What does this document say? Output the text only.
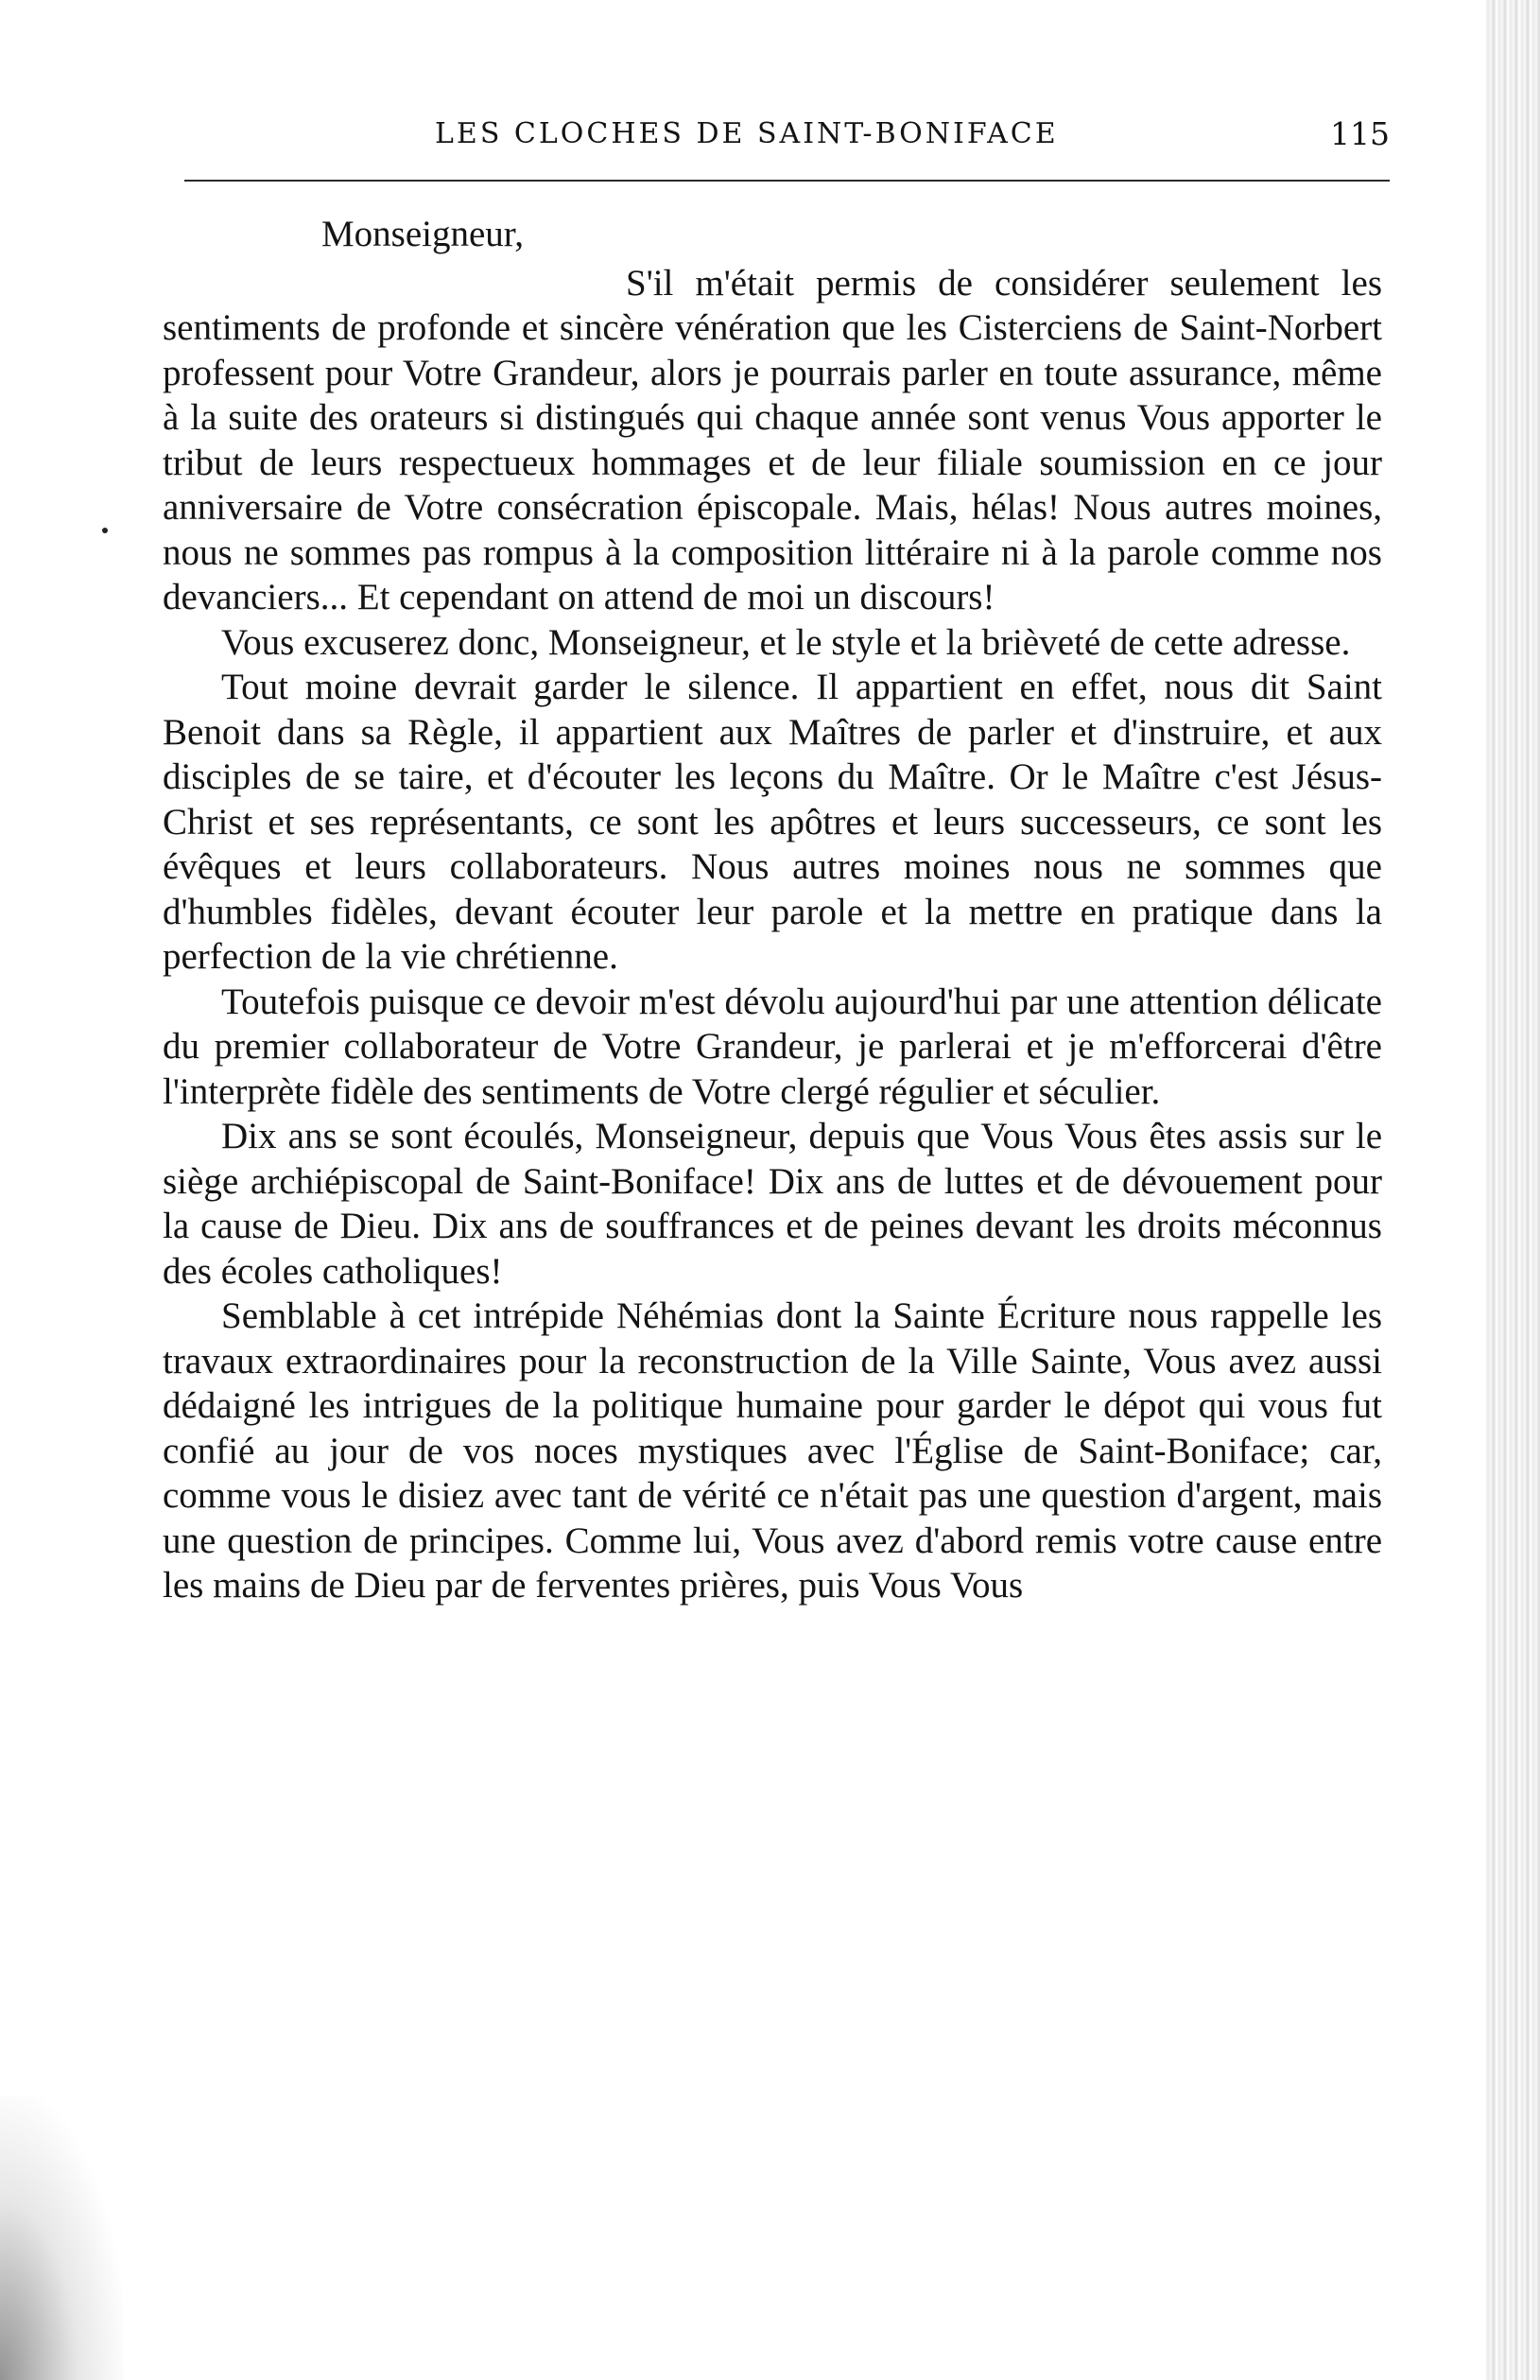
LES CLOCHES DE SAINT-BONIFACE	115

Monseigneur,

S'il m'était permis de considérer seulement les sentiments de profonde et sincère vénération que les Cisterciens de Saint-Norbert professent pour Votre Grandeur, alors je pourrais parler en toute assurance, même à la suite des orateurs si distingués qui chaque année sont venus Vous apporter le tribut de leurs respectueux hommages et de leur filiale soumission en ce jour anniversaire de Votre consécration épiscopale. Mais, hélas! Nous autres moines, nous ne sommes pas rompus à la composition littéraire ni à la parole comme nos devanciers... Et cependant on attend de moi un discours!

Vous excuserez donc, Monseigneur, et le style et la brièveté de cette adresse.

Tout moine devrait garder le silence. Il appartient en effet, nous dit Saint Benoit dans sa Règle, il appartient aux Maîtres de parler et d'instruire, et aux disciples de se taire, et d'écouter les leçons du Maître. Or le Maître c'est Jésus-Christ et ses représentants, ce sont les apôtres et leurs successeurs, ce sont les évêques et leurs collaborateurs. Nous autres moines nous ne sommes que d'humbles fidèles, devant écouter leur parole et la mettre en pratique dans la perfection de la vie chrétienne.

Toutefois puisque ce devoir m'est dévolu aujourd'hui par une attention délicate du premier collaborateur de Votre Grandeur, je parlerai et je m'efforcerai d'être l'interprète fidèle des sentiments de Votre clergé régulier et séculier.

Dix ans se sont écoulés, Monseigneur, depuis que Vous Vous êtes assis sur le siège archiépiscopal de Saint-Boniface! Dix ans de luttes et de dévouement pour la cause de Dieu. Dix ans de souffrances et de peines devant les droits méconnus des écoles catholiques!

Semblable à cet intrépide Néhémias dont la Sainte Écriture nous rappelle les travaux extraordinaires pour la reconstruction de la Ville Sainte, Vous avez aussi dédaigné les intrigues de la politique humaine pour garder le dépot qui vous fut confié au jour de vos noces mystiques avec l'Église de Saint-Boniface; car, comme vous le disiez avec tant de vérité ce n'était pas une question d'argent, mais une question de principes. Comme lui, Vous avez d'abord remis votre cause entre les mains de Dieu par de ferventes prières, puis Vous Vous
